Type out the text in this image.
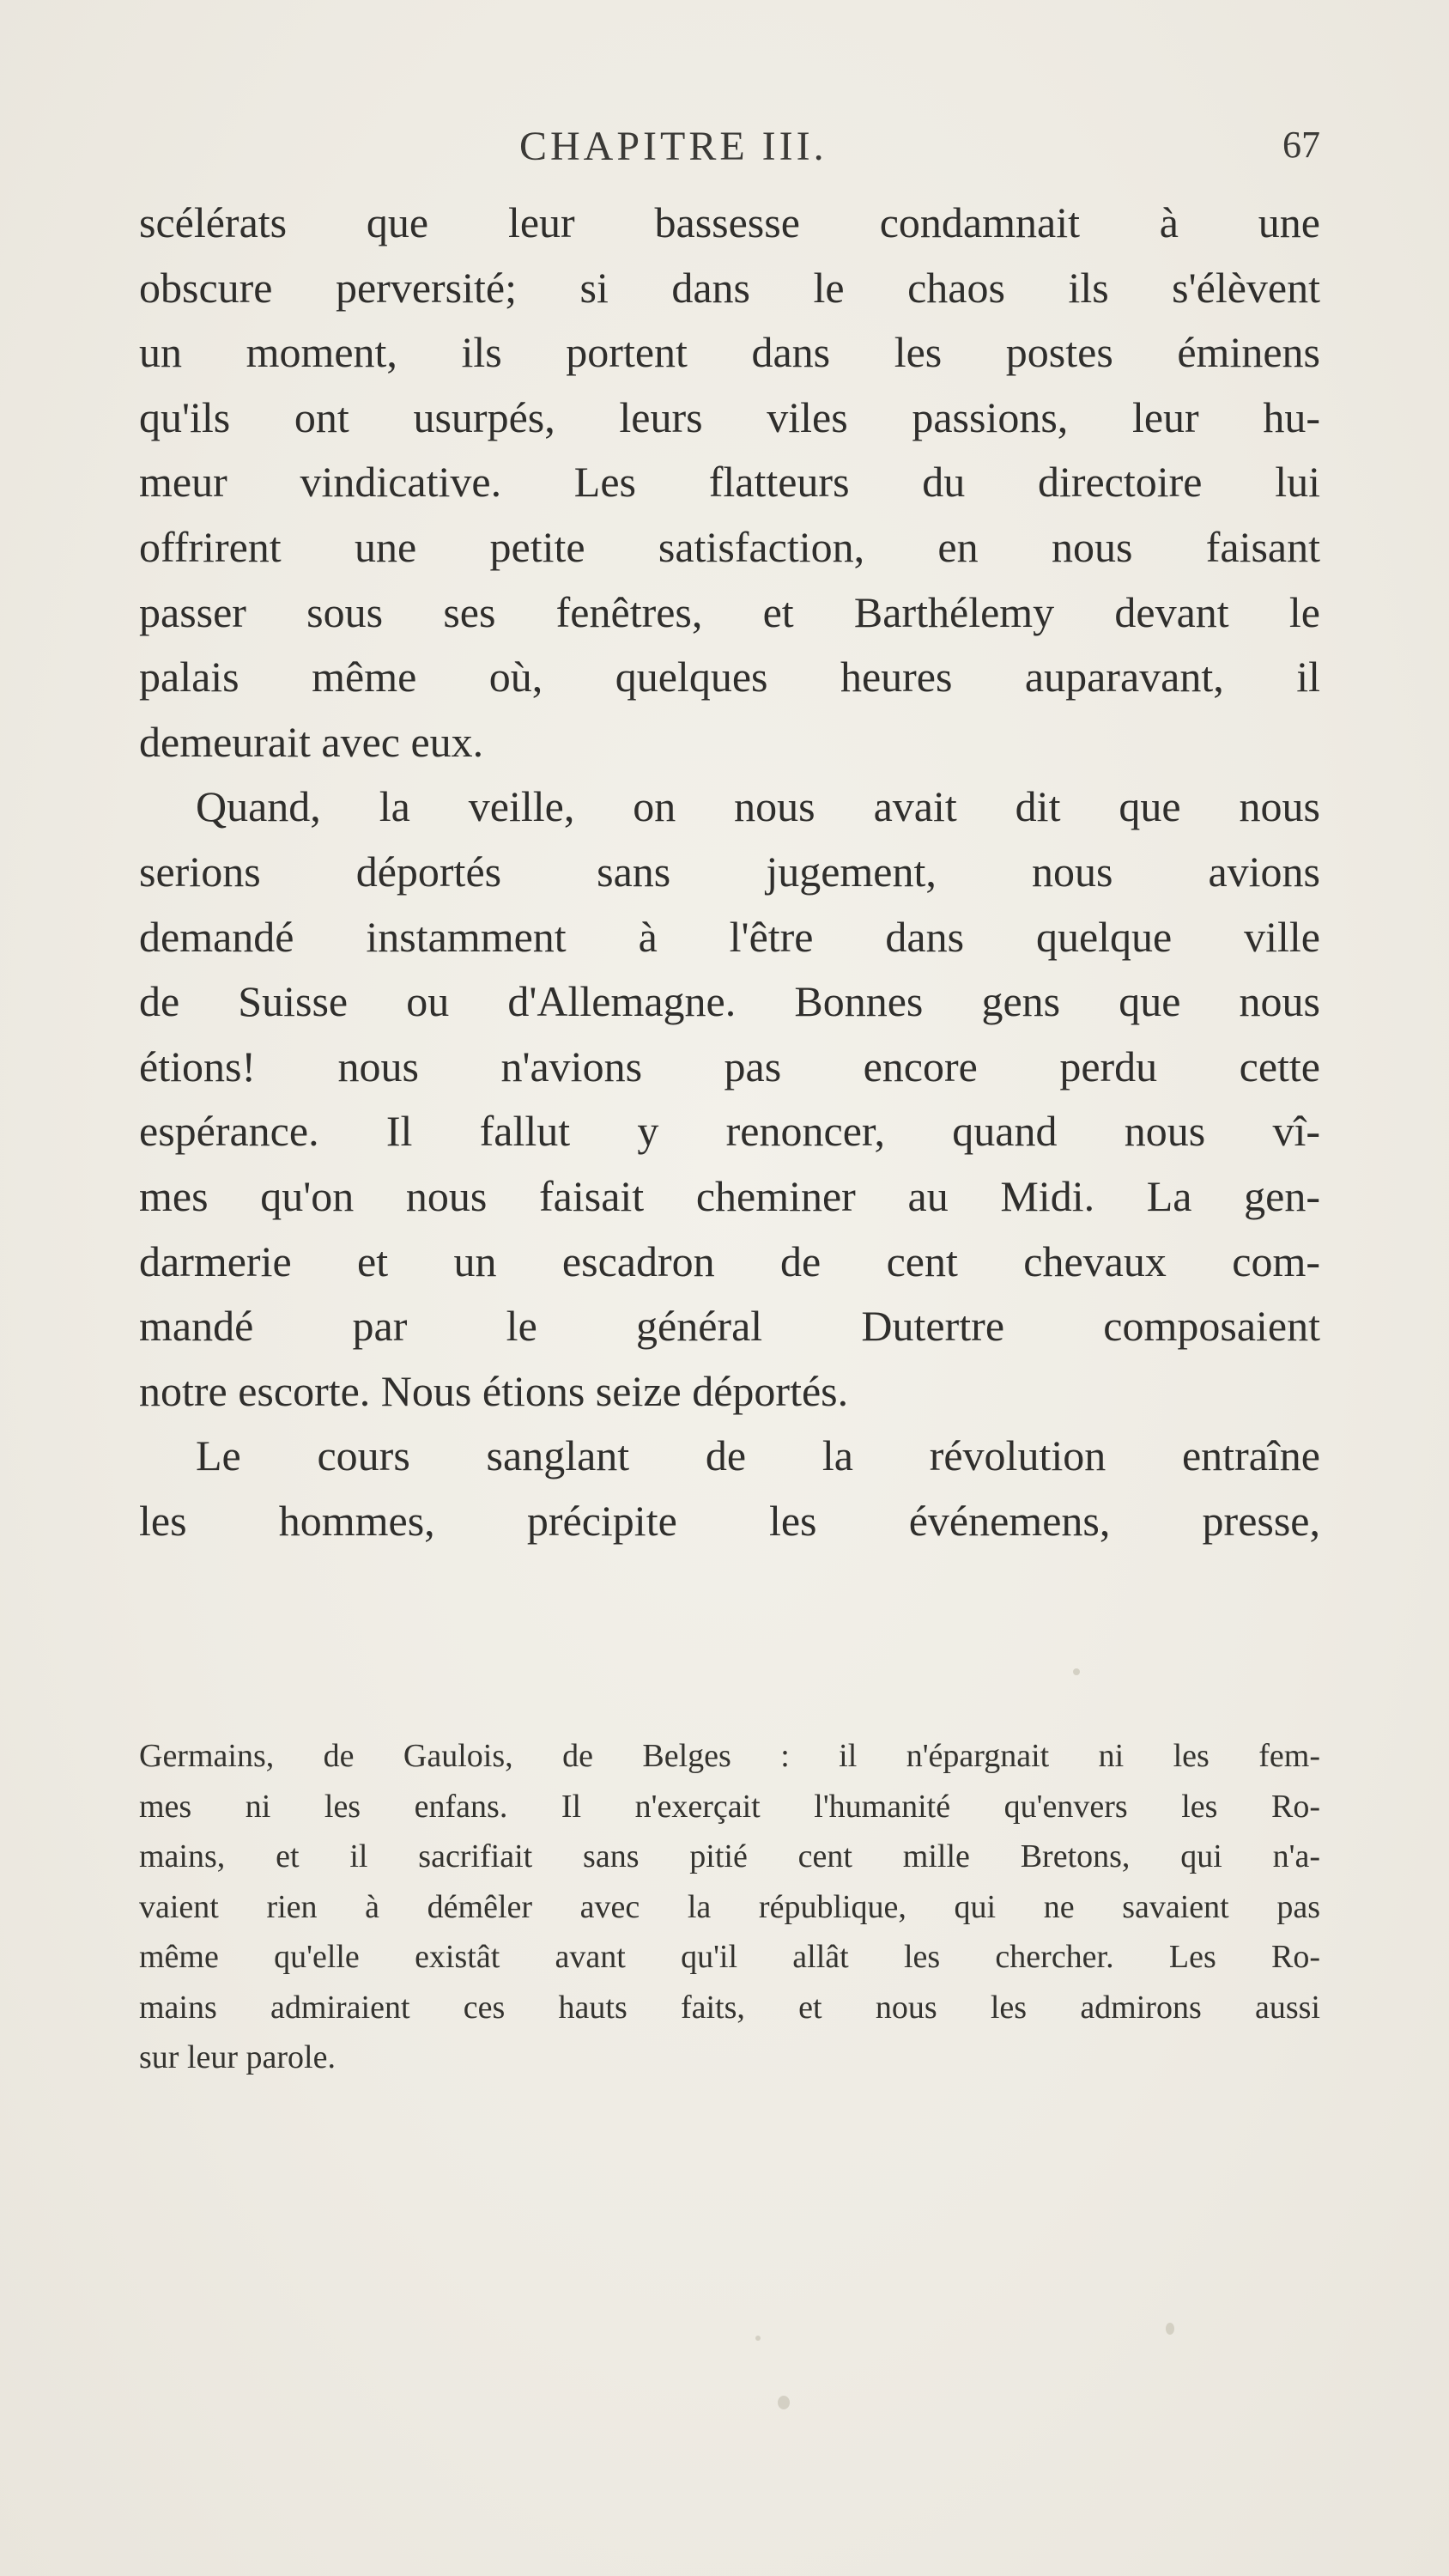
CHAPITRE III.	67
scélérats que leur bassesse condamnait à une
obscure perversité; si dans le chaos ils s'élèvent
un moment, ils portent dans les postes éminens
qu'ils ont usurpés, leurs viles passions, leur hu-
meur vindicative. Les flatteurs du directoire lui
offrirent une petite satisfaction, en nous faisant
passer sous ses fenêtres, et Barthélemy devant le
palais même où, quelques heures auparavant, il
demeurait avec eux.
Quand, la veille, on nous avait dit que nous
serions déportés sans jugement, nous avions
demandé instamment à l'être dans quelque ville
de Suisse ou d'Allemagne. Bonnes gens que nous
étions! nous n'avions pas encore perdu cette
espérance. Il fallut y renoncer, quand nous vî-
mes qu'on nous faisait cheminer au Midi. La gen-
darmerie et un escadron de cent chevaux com-
mandé par le général Dutertre composaient
notre escorte. Nous étions seize déportés.
Le cours sanglant de la révolution entraîne
les hommes, précipite les événemens, presse,
Germains, de Gaulois, de Belges : il n'épargnait ni les fem-
mes ni les enfans. Il n'exerçait l'humanité qu'envers les Ro-
mains, et il sacrifiait sans pitié cent mille Bretons, qui n'a-
vaient rien à démêler avec la république, qui ne savaient pas
même qu'elle existât avant qu'il allât les chercher. Les Ro-
mains admiraient ces hauts faits, et nous les admirons aussi
sur leur parole.
